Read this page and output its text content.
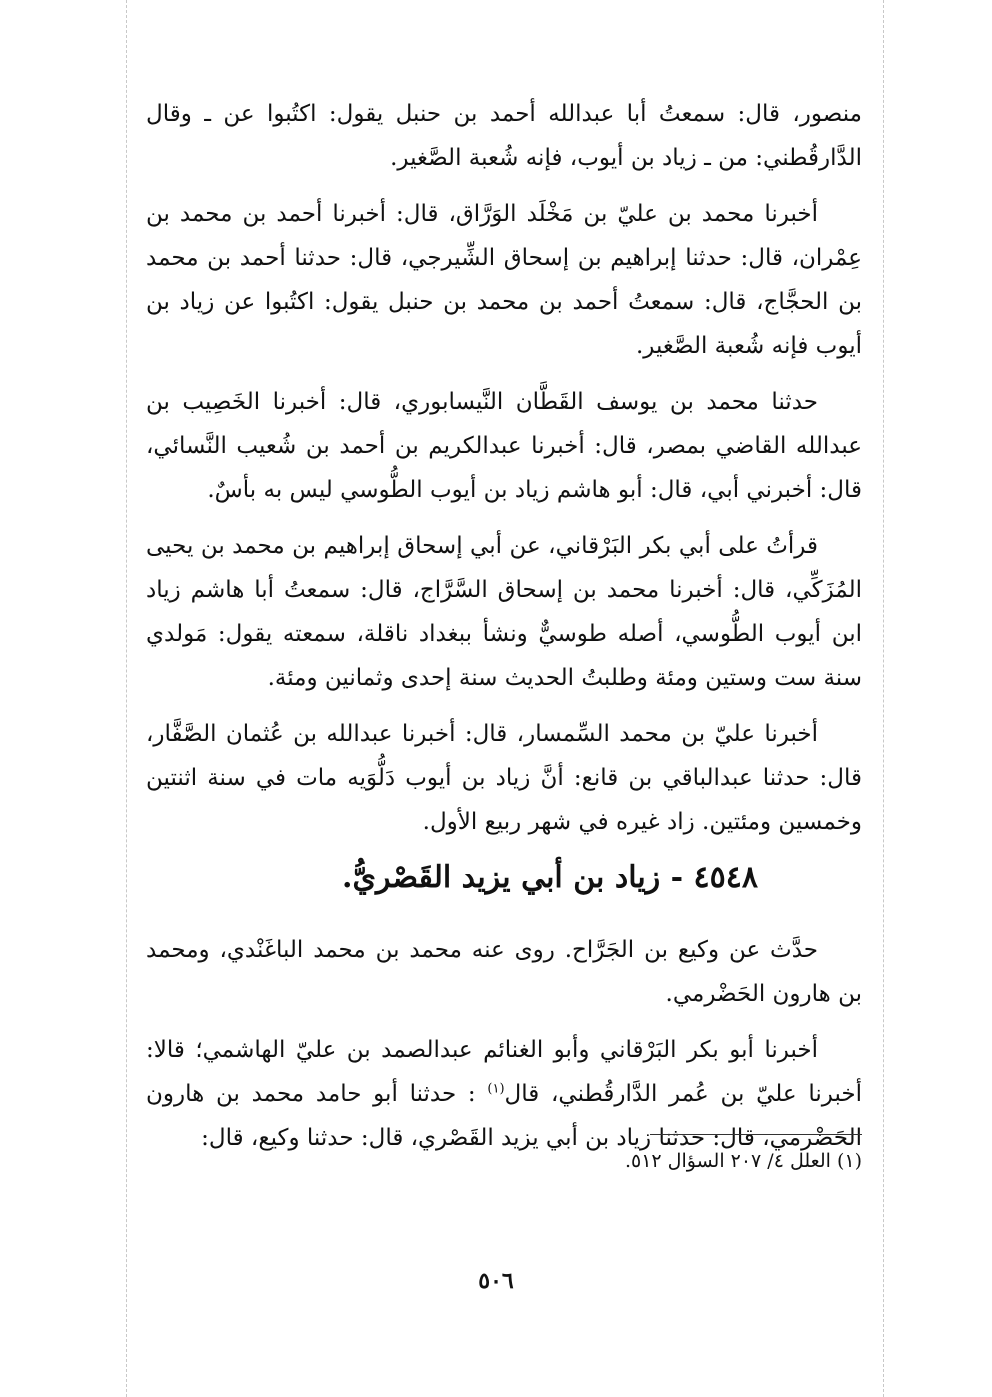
منصور، قال: سمعتُ أبا عبدالله أحمد بن حنبل يقول: اكتُبوا عن ـ وقال الدَّارقُطني: من ـ زياد بن أيوب، فإنه شُعبة الصَّغير.

أخبرنا محمد بن عليّ بن مَخْلَد الوَرَّاق، قال: أخبرنا أحمد بن محمد بن عِمْران، قال: حدثنا إبراهيم بن إسحاق الشِّيرجي، قال: حدثنا أحمد بن محمد بن الحجَّاج، قال: سمعتُ أحمد بن محمد بن حنبل يقول: اكتُبوا عن زياد بن أيوب فإنه شُعبة الصَّغير.

حدثنا محمد بن يوسف القَطَّان النَّيسابوري، قال: أخبرنا الخَصِيب بن عبدالله القاضي بمصر، قال: أخبرنا عبدالكريم بن أحمد بن شُعيب النَّسائي، قال: أخبرني أبي، قال: أبو هاشم زياد بن أيوب الطُّوسي ليس به بأسٌ.

قرأتُ على أبي بكر البَرْقاني، عن أبي إسحاق إبراهيم بن محمد بن يحيى المُزَكِّي، قال: أخبرنا محمد بن إسحاق السَّرَّاج، قال: سمعتُ أبا هاشم زياد ابن أيوب الطُّوسي، أصله طوسيٌّ ونشأ ببغداد ناقلة، سمعته يقول: مَولدي سنة ست وستين ومئة وطلبتُ الحديث سنة إحدى وثمانين ومئة.

أخبرنا عليّ بن محمد السِّمسار، قال: أخبرنا عبدالله بن عُثمان الصَّفَّار، قال: حدثنا عبدالباقي بن قانع: أنَّ زياد بن أيوب دَلُّوَيه مات في سنة اثنتين وخمسين ومئتين. زاد غيره في شهر ربيع الأول.

٤٥٤٨ - زياد بن أبي يزيد القَصْريُّ.

حدَّث عن وكيع بن الجَرَّاح. روى عنه محمد بن محمد الباغَنْدي، ومحمد بن هارون الحَضْرمي.

أخبرنا أبو بكر البَرْقاني وأبو الغنائم عبدالصمد بن عليّ الهاشمي؛ قالا: أخبرنا عليّ بن عُمر الدَّارقُطني، قال$^{(١)}$ : حدثنا أبو حامد محمد بن هارون الحَضْرمي، قال: حدثنا زياد بن أبي يزيد القَصْري، قال: حدثنا وكيع، قال:

(١) العلل ٤/ ٢٠٧ السؤال ٥١٢.
٥٠٦
